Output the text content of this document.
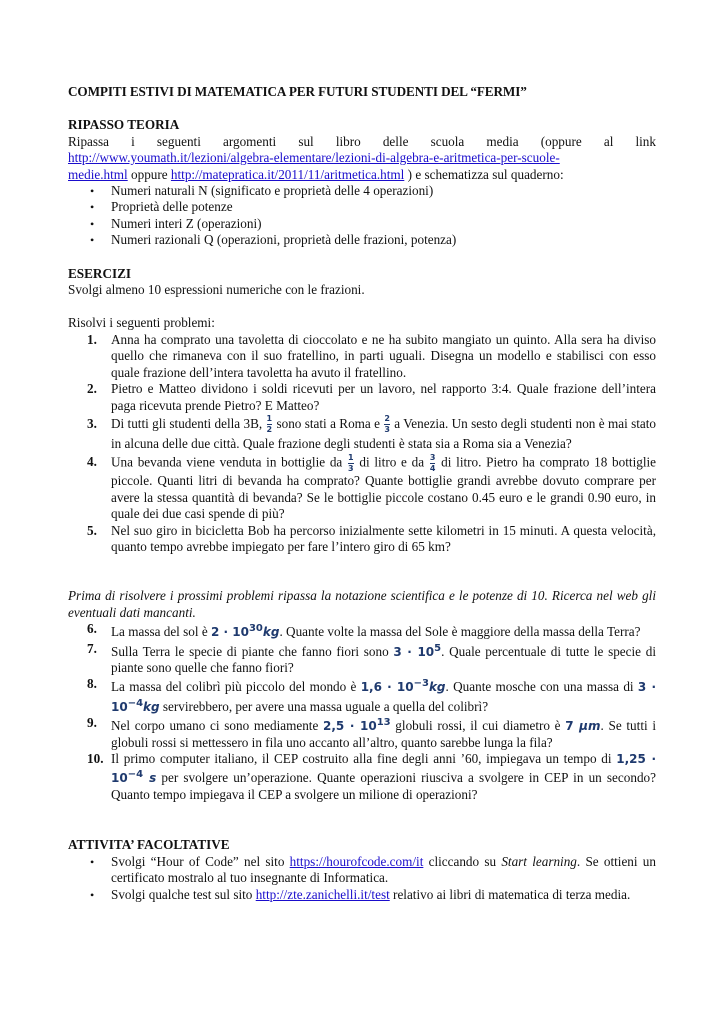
COMPITI ESTIVI DI MATEMATICA PER FUTURI STUDENTI DEL “FERMI”

RIPASSO TEORIA

Ripassa i seguenti argomenti sul libro delle scuola media (oppure al link

http://www.youmath.it/lezioni/algebra-elementare/lezioni-di-algebra-e-aritmetica-per-scuole-
medie.html oppure http://matepratica.it/2011/11/aritmetica.html ) e schematizza sul quaderno:

• Numeri naturali N (significato e proprietà delle 4 operazioni)
• Proprietà delle potenze
• Numeri interi Z (operazioni)
• Numeri razionali Q (operazioni, proprietà delle frazioni, potenza)

ESERCIZI

Svolgi almeno 10 espressioni numeriche con le frazioni.

Risolvi i seguenti problemi:

1. Anna ha comprato una tavoletta di cioccolato e ne ha subito mangiato un quinto. Alla sera ha diviso quello che rimaneva con il suo fratellino, in parti uguali. Disegna un modello e stabilisci con esso quale frazione dell’intera tavoletta ha avuto il fratellino.
2. Pietro e Matteo dividono i soldi ricevuti per un lavoro, nel rapporto 3:4. Quale frazione dell’intera paga ricevuta prende Pietro? E Matteo?
3. Di tutti gli studenti della 3B, $\frac{1}{2}$ sono stati a Roma e $\frac{2}{3}$ a Venezia. Un sesto degli studenti non è mai stato in alcuna delle due città. Quale frazione degli studenti è stata sia a Roma sia a Venezia?
4. Una bevanda viene venduta in bottiglie da $\frac{1}{3}$ di litro e da $\frac{3}{4}$ di litro. Pietro ha comprato 18 bottiglie piccole. Quanti litri di bevanda ha comprato? Quante bottiglie grandi avrebbe dovuto comprare per avere la stessa quantità di bevanda? Se le bottiglie piccole costano 0.45 euro e le grandi 0.90 euro, in quale dei due casi spende di più?
5. Nel suo giro in bicicletta Bob ha percorso inizialmente sette kilometri in 15 minuti. A questa velocità, quanto tempo avrebbe impiegato per fare l’intero giro di 65 km?

Prima di risolvere i prossimi problemi ripassa la notazione scientifica e le potenze di 10. Ricerca nel web gli eventuali dati mancanti.

6. La massa del sol è $2 \cdot 10^{30}kg$. Quante volte la massa del Sole è maggiore della massa della Terra?
7. Sulla Terra le specie di piante che fanno fiori sono $3 \cdot 10^5$. Quale percentuale di tutte le specie di piante sono quelle che fanno fiori?
8. La massa del colibrì più piccolo del mondo è $1,6 \cdot 10^{-3}kg$. Quante mosche con una massa di $3 \cdot 10^{-4}kg$ servirebbero, per avere una massa uguale a quella del colibrì?
9. Nel corpo umano ci sono mediamente $2,5 \cdot 10^{13}$ globuli rossi, il cui diametro è 7 μm. Se tutti i globuli rossi si mettessero in fila uno accanto all’altro, quanto sarebbe lunga la fila?
10. Il primo computer italiano, il CEP costruito alla fine degli anni ’60, impiegava un tempo di $1,25 \cdot 10^{-4}$ s per svolgere un’operazione. Quante operazioni riusciva a svolgere in CEP in un secondo? Quanto tempo impiegava il CEP a svolgere un milione di operazioni?

ATTIVITA’ FACOLTATIVE

• Svolgi “Hour of Code” nel sito https://hourofcode.com/it cliccando su Start learning. Se ottieni un certificato mostralo al tuo insegnante di Informatica.
• Svolgi qualche test sul sito http://zte.zanichelli.it/test relativo ai libri di matematica di terza media.
